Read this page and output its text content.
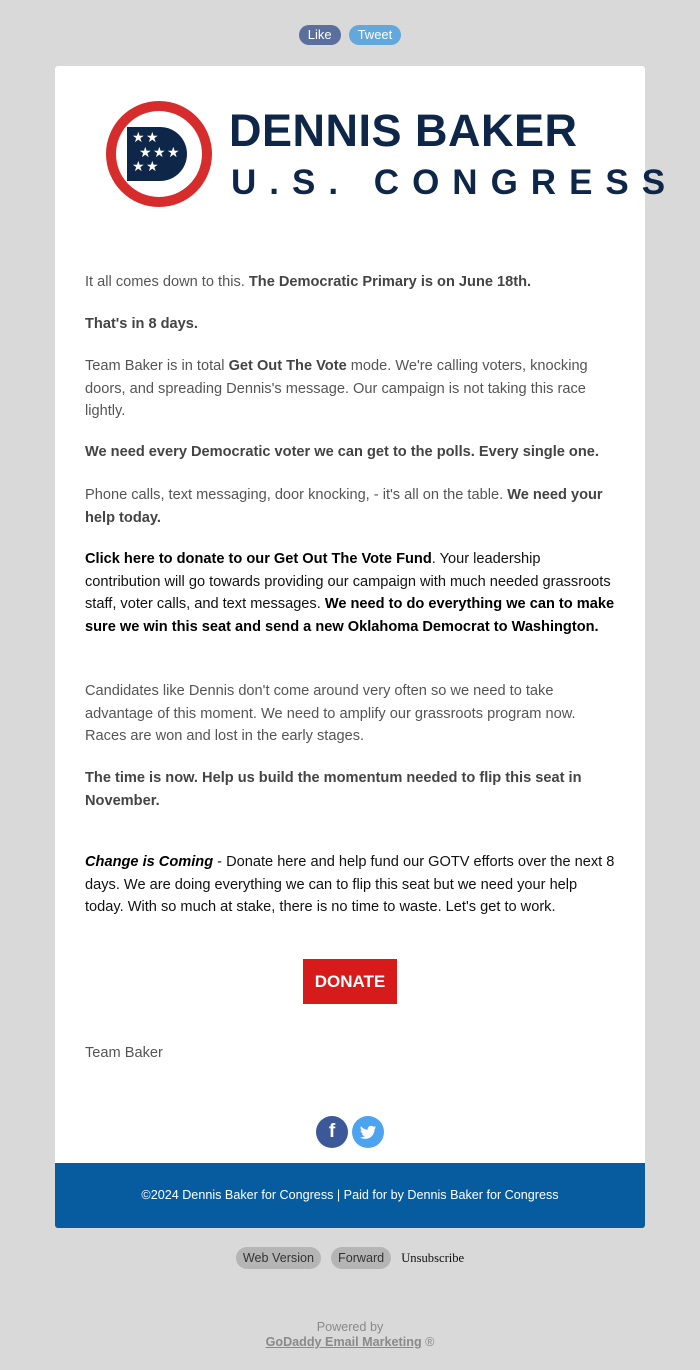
Like Tweet
★ ★
★ ★ ★
★ ★
DENNIS BAKER
U.S. CONGRESS

It all comes down to this. The Democratic Primary is on June 18th.

That's in 8 days.

Team Baker is in total Get Out The Vote mode. We're calling voters, knocking doors, and spreading Dennis's message. Our campaign is not taking this race lightly.

We need every Democratic voter we can get to the polls. Every single one.

Phone calls, text messaging, door knocking, - it's all on the table. We need your help today.

Click here to donate to our Get Out The Vote Fund. Your leadership contribution will go towards providing our campaign with much needed grassroots staff, voter calls, and text messages. We need to do everything we can to make sure we win this seat and send a new Oklahoma Democrat to Washington.

Candidates like Dennis don't come around very often so we need to take advantage of this moment. We need to amplify our grassroots program now. Races are won and lost in the early stages.

The time is now. Help us build the momentum needed to flip this seat in November.

Change is Coming - Donate here and help fund our GOTV efforts over the next 8 days. We are doing everything we can to flip this seat but we need your help today. With so much at stake, there is no time to waste. Let's get to work.

DONATE
Team Baker
f
©2024 Dennis Baker for Congress | Paid for by Dennis Baker for Congress
Web Version Forward Unsubscribe
Powered by
GoDaddy Email Marketing ®
